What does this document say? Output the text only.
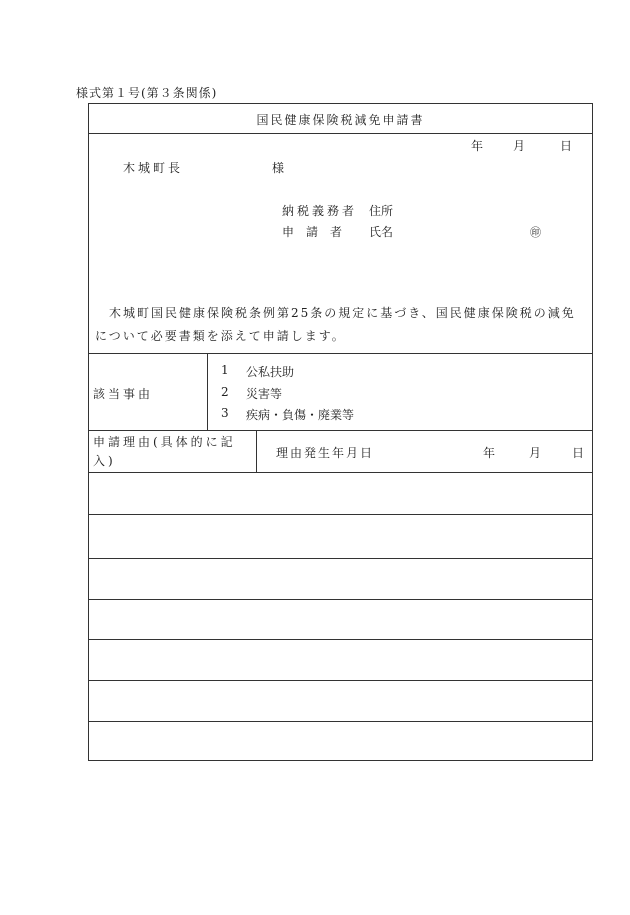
様式第１号(第３条関係)
国民健康保険税減免申請書
年 月	日
木城町長	様
納税義務者 住所
申　請　者 氏名	㊞
木城町国民健康保険税条例第25条の規定に基づき、国民健康保険税の減免について必要書類を添えて申請します。
該当事由
1 公私扶助
2 災害等
3 疾病・負傷・廃業等
申請理由(具体的に記入)
理由発生年月日	年	月	日
